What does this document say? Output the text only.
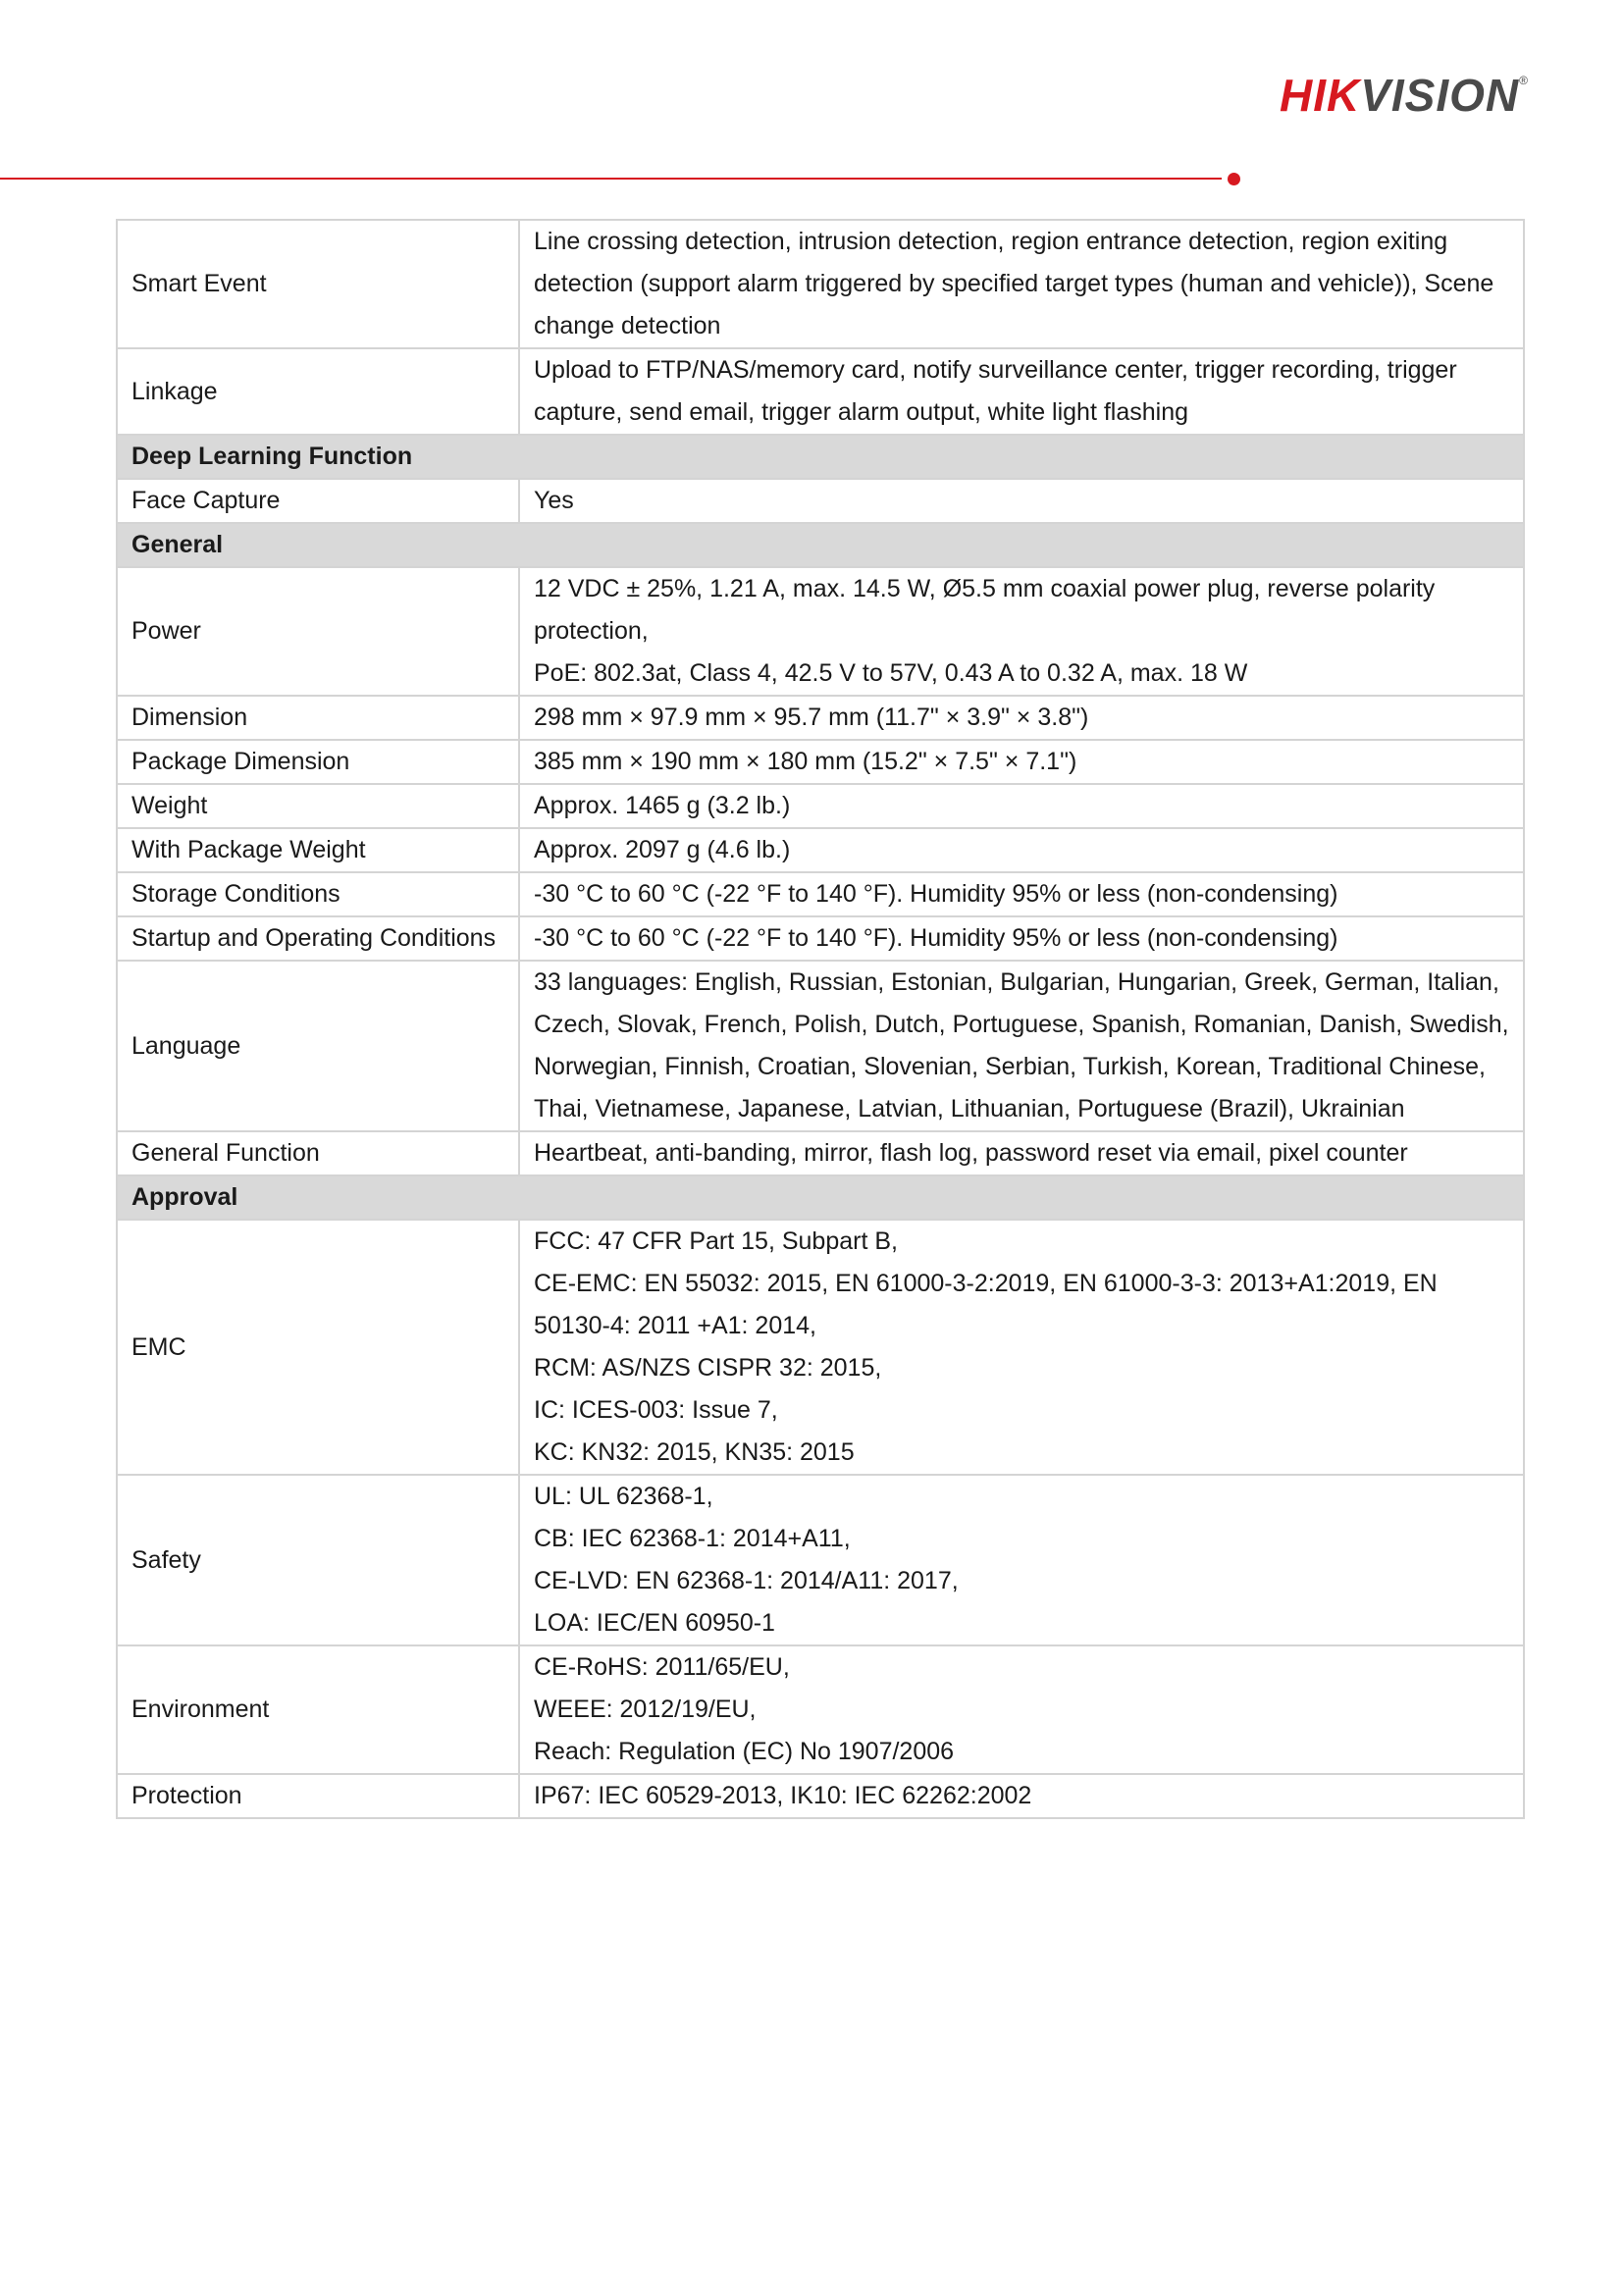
HIKVISION®
Smart Event	Line crossing detection, intrusion detection, region entrance detection, region exiting detection (support alarm triggered by specified target types (human and vehicle)), Scene change detection

Linkage	Upload to FTP/NAS/memory card, notify surveillance center, trigger recording, trigger capture, send email, trigger alarm output, white light flashing

Deep Learning Function	
Face Capture	Yes

General	
Power	12 VDC ± 25%, 1.21 A, max. 14.5 W, Ø5.5 mm coaxial power plug, reverse polarity protection,
PoE: 802.3at, Class 4, 42.5 V to 57V, 0.43 A to 0.32 A, max. 18 W

Dimension	298 mm × 97.9 mm × 95.7 mm (11.7" × 3.9" × 3.8")

Package Dimension	385 mm × 190 mm × 180 mm (15.2" × 7.5" × 7.1")

Weight	Approx. 1465 g (3.2 lb.)

With Package Weight	Approx. 2097 g (4.6 lb.)

Storage Conditions	-30 °C to 60 °C (-22 °F to 140 °F). Humidity 95% or less (non-condensing)

Startup and Operating Conditions	-30 °C to 60 °C (-22 °F to 140 °F). Humidity 95% or less (non-condensing)

Language	33 languages: English, Russian, Estonian, Bulgarian, Hungarian, Greek, German, Italian, Czech, Slovak, French, Polish, Dutch, Portuguese, Spanish, Romanian, Danish, Swedish, Norwegian, Finnish, Croatian, Slovenian, Serbian, Turkish, Korean, Traditional Chinese, Thai, Vietnamese, Japanese, Latvian, Lithuanian, Portuguese (Brazil), Ukrainian

General Function	Heartbeat, anti-banding, mirror, flash log, password reset via email, pixel counter

Approval	
EMC	FCC: 47 CFR Part 15, Subpart B,
CE-EMC: EN 55032: 2015, EN 61000-3-2:2019, EN 61000-3-3: 2013+A1:2019, EN 50130-4: 2011 +A1: 2014,
RCM: AS/NZS CISPR 32: 2015,
IC: ICES-003: Issue 7,
KC: KN32: 2015, KN35: 2015

Safety	UL: UL 62368-1,
CB: IEC 62368-1: 2014+A11,
CE-LVD: EN 62368-1: 2014/A11: 2017,
LOA: IEC/EN 60950-1

Environment	CE-RoHS: 2011/65/EU,
WEEE: 2012/19/EU,
Reach: Regulation (EC) No 1907/2006

Protection	IP67: IEC 60529-2013, IK10: IEC 62262:2002
